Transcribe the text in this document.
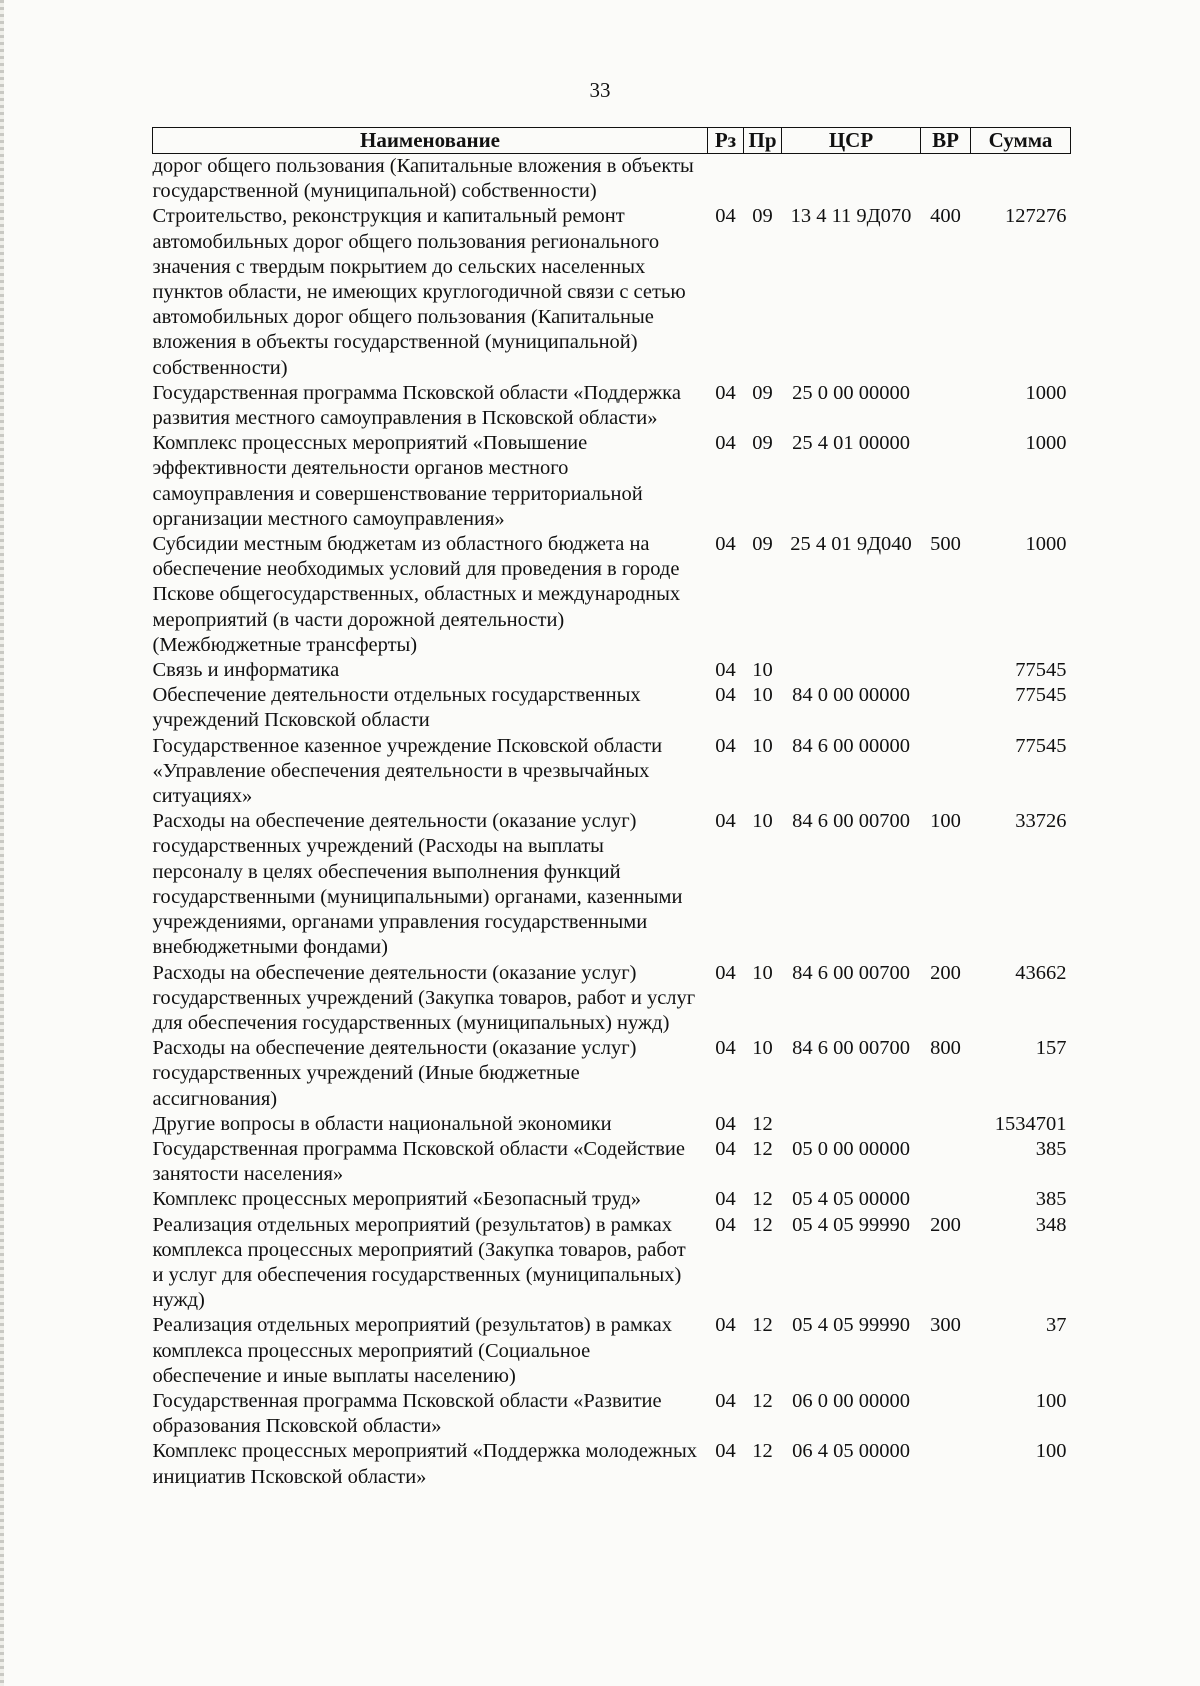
33
Наименование	Рз	Пр	ЦСР	ВР	Сумма
дорог общего пользования (Капитальные вложения в объекты государственной (муниципальной) собственности)					
Строительство, реконструкция и капитальный ремонт автомобильных дорог общего пользования регионального значения с твердым покрытием до сельских населенных пунктов области, не имеющих круглогодичной связи с сетью автомобильных дорог общего пользования (Капитальные вложения в объекты государственной (муниципальной) собственности)	04	09	13 4 11 9Д070	400	127276
Государственная программа Псковской области «Поддержка развития местного самоуправления в Псковской области»	04	09	25 0 00 00000		1000
Комплекс процессных мероприятий «Повышение эффективности деятельности органов местного самоуправления и совершенствование территориальной организации местного самоуправления»	04	09	25 4 01 00000		1000
Субсидии местным бюджетам из областного бюджета на обеспечение необходимых условий для проведения в городе Пскове общегосударственных, областных и международных мероприятий (в части дорожной деятельности) (Межбюджетные трансферты)	04	09	25 4 01 9Д040	500	1000
Связь и информатика	04	10			77545
Обеспечение деятельности отдельных государственных учреждений Псковской области	04	10	84 0 00 00000		77545
Государственное казенное учреждение Псковской области «Управление обеспечения деятельности в чрезвычайных ситуациях»	04	10	84 6 00 00000		77545
Расходы на обеспечение деятельности (оказание услуг) государственных учреждений (Расходы на выплаты персоналу в целях обеспечения выполнения функций государственными (муниципальными) органами, казенными учреждениями, органами управления государственными внебюджетными фондами)	04	10	84 6 00 00700	100	33726
Расходы на обеспечение деятельности (оказание услуг) государственных учреждений (Закупка товаров, работ и услуг для обеспечения государственных (муниципальных) нужд)	04	10	84 6 00 00700	200	43662
Расходы на обеспечение деятельности (оказание услуг) государственных учреждений (Иные бюджетные ассигнования)	04	10	84 6 00 00700	800	157
Другие вопросы в области национальной экономики	04	12			1534701
Государственная программа Псковской области «Содействие занятости населения»	04	12	05 0 00 00000		385
Комплекс процессных мероприятий «Безопасный труд»	04	12	05 4 05 00000		385
Реализация отдельных мероприятий (результатов) в рамках комплекса процессных мероприятий (Закупка товаров, работ и услуг для обеспечения государственных (муниципальных) нужд)	04	12	05 4 05 99990	200	348
Реализация отдельных мероприятий (результатов) в рамках комплекса процессных мероприятий (Социальное обеспечение и иные выплаты населению)	04	12	05 4 05 99990	300	37
Государственная программа Псковской области «Развитие образования Псковской области»	04	12	06 0 00 00000		100
Комплекс процессных мероприятий «Поддержка молодежных инициатив Псковской области»	04	12	06 4 05 00000		100
